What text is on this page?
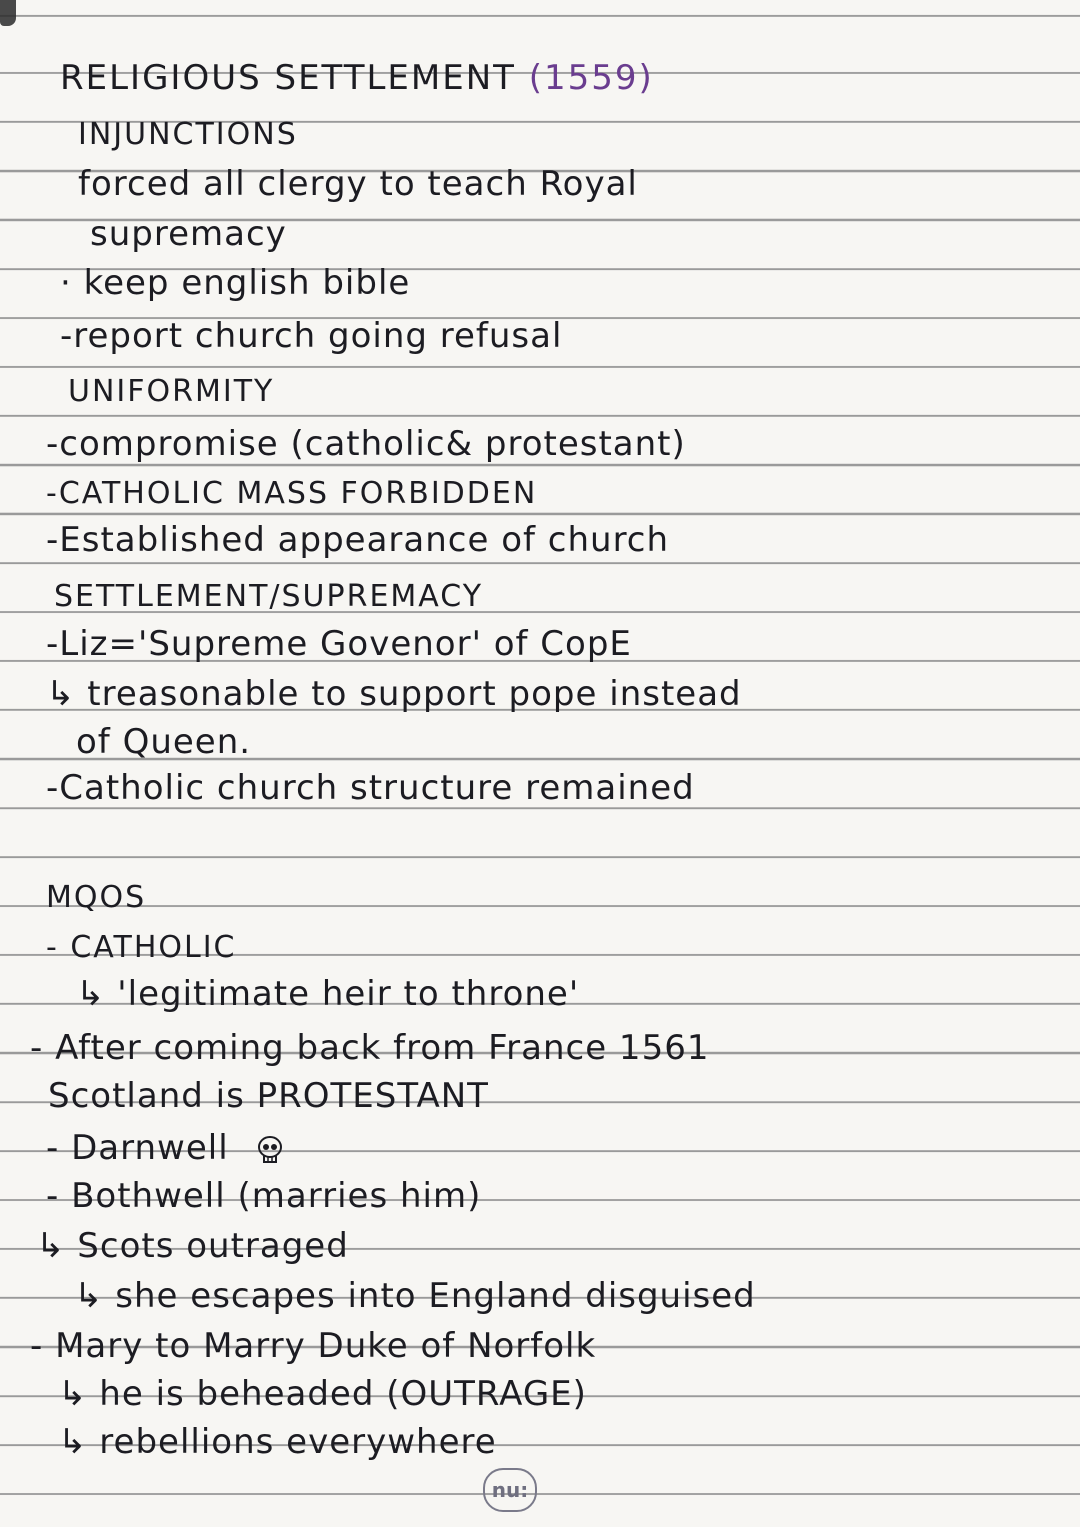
RELIGIOUS SETTLEMENT (1559)
INJUNCTIONS
forced all clergy to teach Royal
supremacy
· keep english bible
-report church going refusal
UNIFORMITY
-compromise (catholic& protestant)
-CATHOLIC MASS FORBIDDEN
-Established appearance of church
SETTLEMENT/SUPREMACY
-Liz='Supreme Govenor' of CopE
↳ treasonable to support pope instead
of Queen.
-Catholic church structure remained
MQOS
- CATHOLIC
↳ 'legitimate heir to throne'
- After coming back from France 1561
Scotland is PROTESTANT
- Darnwell
- Bothwell (marries him)
↳ Scots outraged
↳ she escapes into England disguised
- Mary to Marry Duke of Norfolk
↳ he is beheaded (OUTRAGE)
↳ rebellions everywhere
nu:
